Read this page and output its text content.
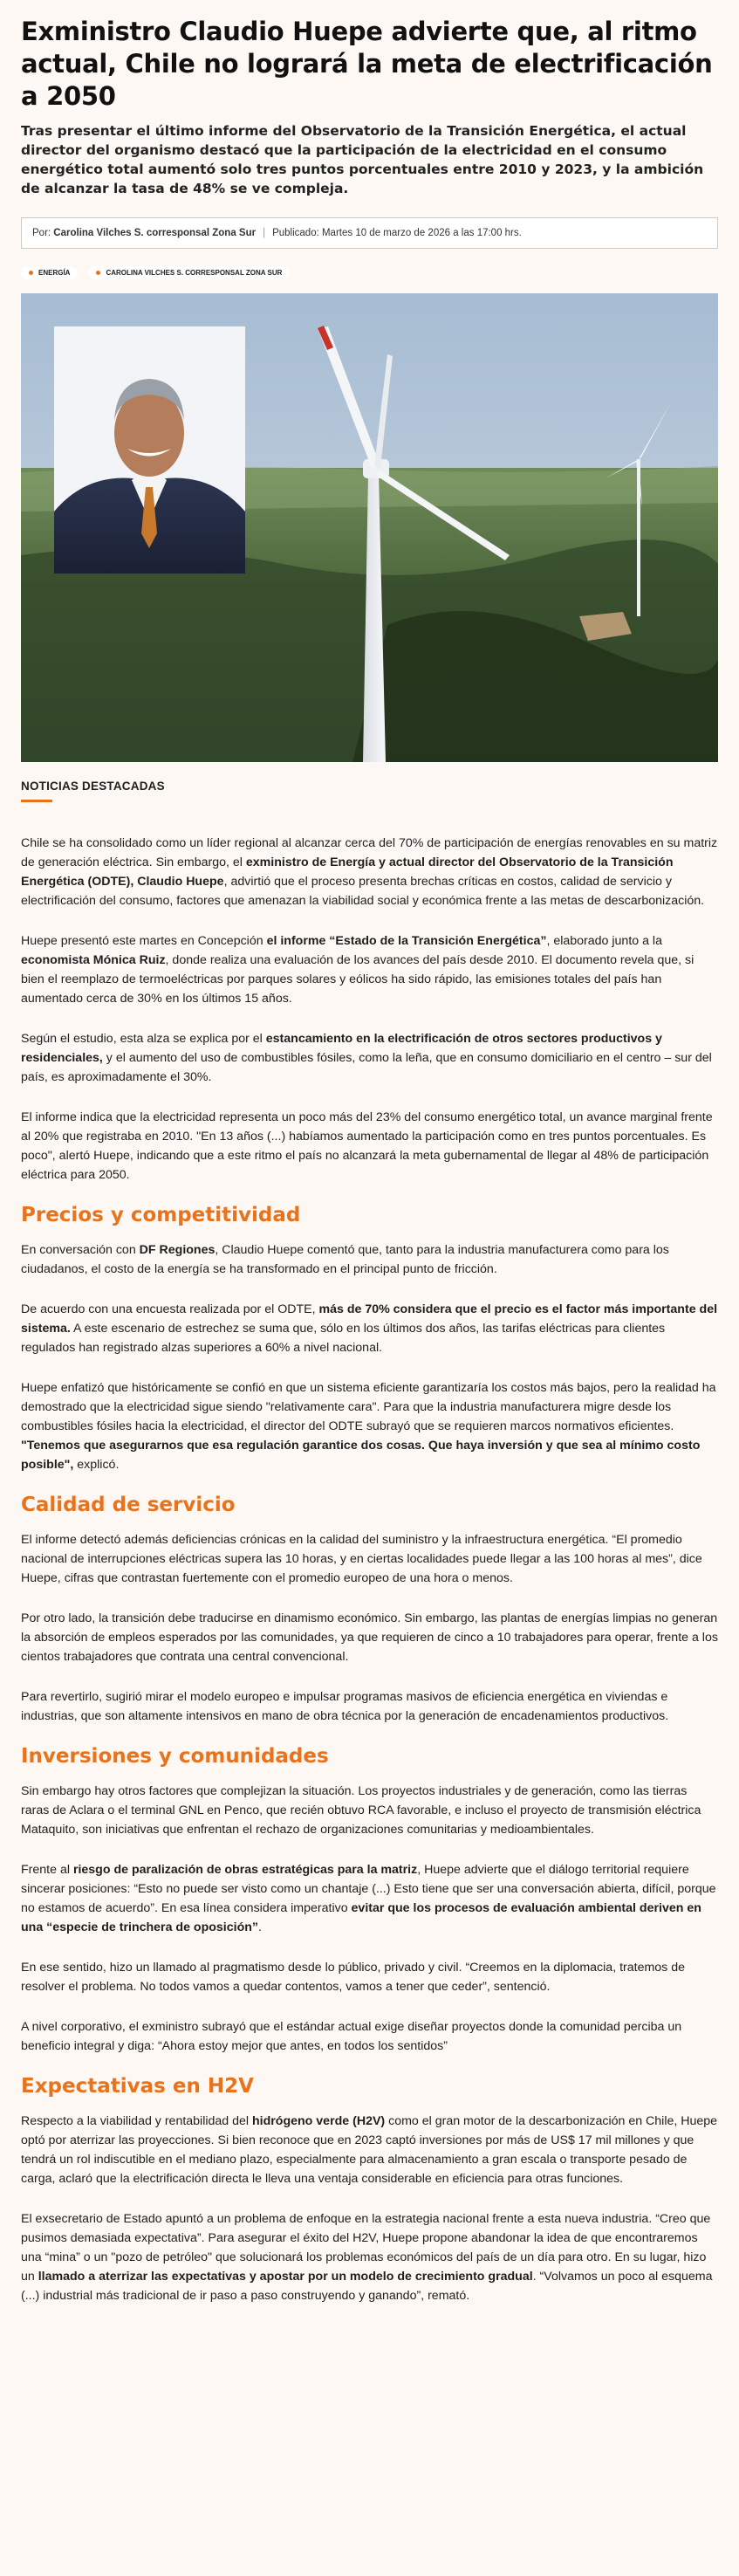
Exministro Claudio Huepe advierte que, al ritmo actual, Chile no logrará la meta de electrificación a 2050

Tras presentar el último informe del Observatorio de la Transición Energética, el actual director del organismo destacó que la participación de la electricidad en el consumo energético total aumentó solo tres puntos porcentuales entre 2010 y 2023, y la ambición de alcanzar la tasa de 48% se ve compleja.

Por:
Carolina Vilches S. corresponsal Zona Sur | Publicado: Martes 10 de marzo de 2026 a las 17:00 hrs.
ENERGÍA	CAROLINA VILCHES S. CORRESPONSAL ZONA SUR
NOTICIAS DESTACADAS

Chile se ha consolidado como un líder regional al alcanzar cerca del 70% de participación de energías renovables en su matriz de generación eléctrica. Sin embargo, el exministro de Energía y actual director del Observatorio de la Transición Energética (ODTE), Claudio Huepe, advirtió que el proceso presenta brechas críticas en costos, calidad de servicio y electrificación del consumo, factores que amenazan la viabilidad social y económica frente a las metas de descarbonización.

Huepe presentó este martes en Concepción el informe “Estado de la Transición Energética”, elaborado junto a la economista Mónica Ruiz, donde realiza una evaluación de los avances del país desde 2010. El documento revela que, si bien el reemplazo de termoeléctricas por parques solares y eólicos ha sido rápido, las emisiones totales del país han aumentado cerca de 30% en los últimos 15 años.

Según el estudio, esta alza se explica por el estancamiento en la electrificación de otros sectores productivos y residenciales, y el aumento del uso de combustibles fósiles, como la leña, que en consumo domiciliario en el centro – sur del país, es aproximadamente el 30%.

El informe indica que la electricidad representa un poco más del 23% del consumo energético total, un avance marginal frente al 20% que registraba en 2010. "En 13 años (...) habíamos aumentado la participación como en tres puntos porcentuales. Es poco", alertó Huepe, indicando que a este ritmo el país no alcanzará la meta gubernamental de llegar al 48% de participación eléctrica para 2050.

Precios y competitividad

En conversación con DF Regiones, Claudio Huepe comentó que, tanto para la industria manufacturera como para los ciudadanos, el costo de la energía se ha transformado en el principal punto de fricción.

De acuerdo con una encuesta realizada por el ODTE, más de 70% considera que el precio es el factor más importante del sistema. A este escenario de estrechez se suma que, sólo en los últimos dos años, las tarifas eléctricas para clientes regulados han registrado alzas superiores a 60% a nivel nacional.

Huepe enfatizó que históricamente se confió en que un sistema eficiente garantizaría los costos más bajos, pero la realidad ha demostrado que la electricidad sigue siendo "relativamente cara". Para que la industria manufacturera migre desde los combustibles fósiles hacia la electricidad, el director del ODTE subrayó que se requieren marcos normativos eficientes. "Tenemos que asegurarnos que esa regulación garantice dos cosas. Que haya inversión y que sea al mínimo costo posible", explicó.

Calidad de servicio

El informe detectó además deficiencias crónicas en la calidad del suministro y la infraestructura energética. “El promedio nacional de interrupciones eléctricas supera las 10 horas, y en ciertas localidades puede llegar a las 100 horas al mes”, dice Huepe, cifras que contrastan fuertemente con el promedio europeo de una hora o menos.

Por otro lado, la transición debe traducirse en dinamismo económico. Sin embargo, las plantas de energías limpias no generan la absorción de empleos esperados por las comunidades, ya que requieren de cinco a 10 trabajadores para operar, frente a los cientos trabajadores que contrata una central convencional.

Para revertirlo, sugirió mirar el modelo europeo e impulsar programas masivos de eficiencia energética en viviendas e industrias, que son altamente intensivos en mano de obra técnica por la generación de encadenamientos productivos.

Inversiones y comunidades

Sin embargo hay otros factores que complejizan la situación. Los proyectos industriales y de generación, como las tierras raras de Aclara o el terminal GNL en Penco, que recién obtuvo RCA favorable, e incluso el proyecto de transmisión eléctrica Mataquito, son iniciativas que enfrentan el rechazo de organizaciones comunitarias y medioambientales.

Frente al riesgo de paralización de obras estratégicas para la matriz, Huepe advierte que el diálogo territorial requiere sincerar posiciones: “Esto no puede ser visto como un chantaje (...) Esto tiene que ser una conversación abierta, difícil, porque no estamos de acuerdo”. En esa línea considera imperativo evitar que los procesos de evaluación ambiental deriven en una “especie de trinchera de oposición”.

En ese sentido, hizo un llamado al pragmatismo desde lo público, privado y civil. “Creemos en la diplomacia, tratemos de resolver el problema. No todos vamos a quedar contentos, vamos a tener que ceder”, sentenció.

A nivel corporativo, el exministro subrayó que el estándar actual exige diseñar proyectos donde la comunidad perciba un beneficio integral y diga: “Ahora estoy mejor que antes, en todos los sentidos”

Expectativas en H2V

Respecto a la viabilidad y rentabilidad del hidrógeno verde (H2V) como el gran motor de la descarbonización en Chile, Huepe optó por aterrizar las proyecciones. Si bien reconoce que en 2023 captó inversiones por más de US$ 17 mil millones y que tendrá un rol indiscutible en el mediano plazo, especialmente para almacenamiento a gran escala o transporte pesado de carga, aclaró que la electrificación directa le lleva una ventaja considerable en eficiencia para otras funciones.

El exsecretario de Estado apuntó a un problema de enfoque en la estrategia nacional frente a esta nueva industria. “Creo que pusimos demasiada expectativa”. Para asegurar el éxito del H2V, Huepe propone abandonar la idea de que encontraremos una “mina” o un "pozo de petróleo" que solucionará los problemas económicos del país de un día para otro. En su lugar, hizo un llamado a aterrizar las expectativas y apostar por un modelo de crecimiento gradual. “Volvamos un poco al esquema (...) industrial más tradicional de ir paso a paso construyendo y ganando”, remató.
